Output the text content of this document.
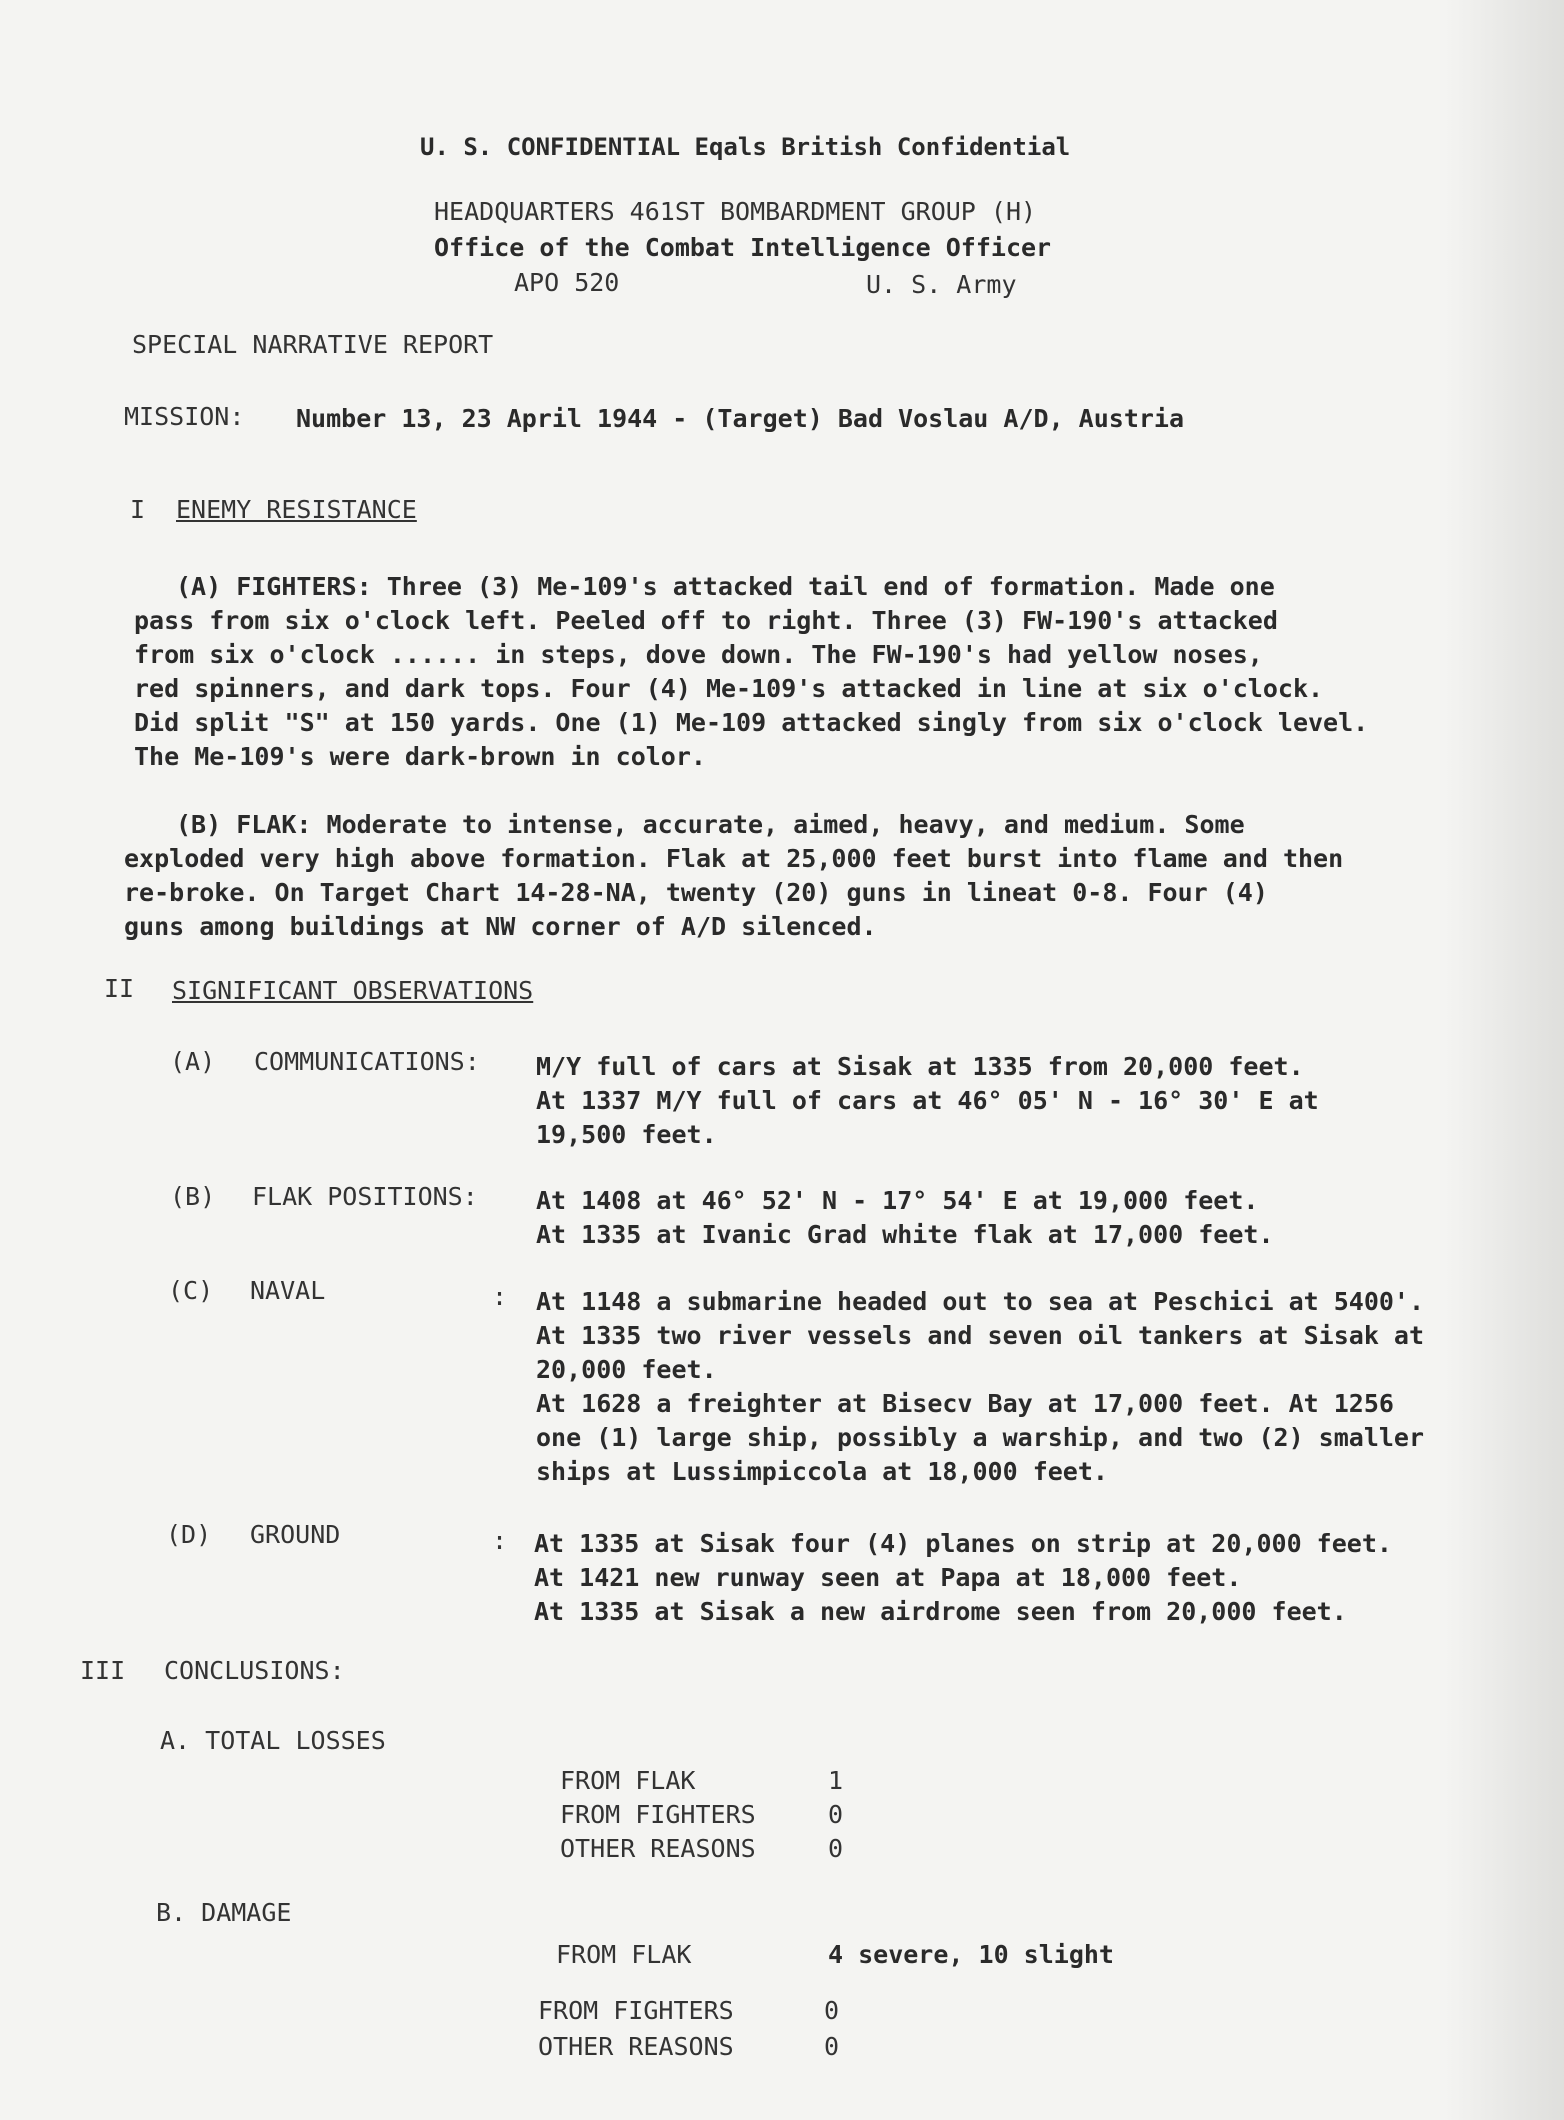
U. S. CONFIDENTIAL Eqals British Confidential
HEADQUARTERS 461ST BOMBARDMENT GROUP (H)
Office of the Combat Intelligence Officer
APO 520	U. S. Army
SPECIAL NARRATIVE REPORT
MISSION: Number 13, 23 April 1944 - (Target) Bad Voslau A/D, Austria
I ENEMY RESISTANCE
(A) FIGHTERS: Three (3) Me-109's attacked tail end of formation. Made one
pass from six o'clock left. Peeled off to right. Three (3) FW-190's attacked
from six o'clock ...... in steps, dove down. The FW-190's had yellow noses,
red spinners, and dark tops. Four (4) Me-109's attacked in line at six o'clock.
Did split "S" at 150 yards. One (1) Me-109 attacked singly from six o'clock level.
The Me-109's were dark-brown in color.
(B) FLAK: Moderate to intense, accurate, aimed, heavy, and medium. Some
exploded very high above formation. Flak at 25,000 feet burst into flame and then
re-broke. On Target Chart 14-28-NA, twenty (20) guns in lineat 0-8. Four (4)
guns among buildings at NW corner of A/D silenced.
II SIGNIFICANT OBSERVATIONS
(A) COMMUNICATIONS: M/Y full of cars at Sisak at 1335 from 20,000 feet.
At 1337 M/Y full of cars at 46° 05' N - 16° 30' E at
19,500 feet.
(B) FLAK POSITIONS: At 1408 at 46° 52' N - 17° 54' E at 19,000 feet.
At 1335 at Ivanic Grad white flak at 17,000 feet.
(C) NAVAL	: At 1148 a submarine headed out to sea at Peschici at 5400'.
At 1335 two river vessels and seven oil tankers at Sisak at
20,000 feet.
At 1628 a freighter at Bisecv Bay at 17,000 feet. At 1256
one (1) large ship, possibly a warship, and two (2) smaller
ships at Lussimpiccola at 18,000 feet.
(D) GROUND	: At 1335 at Sisak four (4) planes on strip at 20,000 feet.
At 1421 new runway seen at Papa at 18,000 feet.
At 1335 at Sisak a new airdrome seen from 20,000 feet.
III CONCLUSIONS:
A. TOTAL LOSSES
FROM FLAK	1
FROM FIGHTERS	0
OTHER REASONS	0
B. DAMAGE
FROM FLAK	4 severe, 10 slight
FROM FIGHTERS	0
OTHER REASONS	0
